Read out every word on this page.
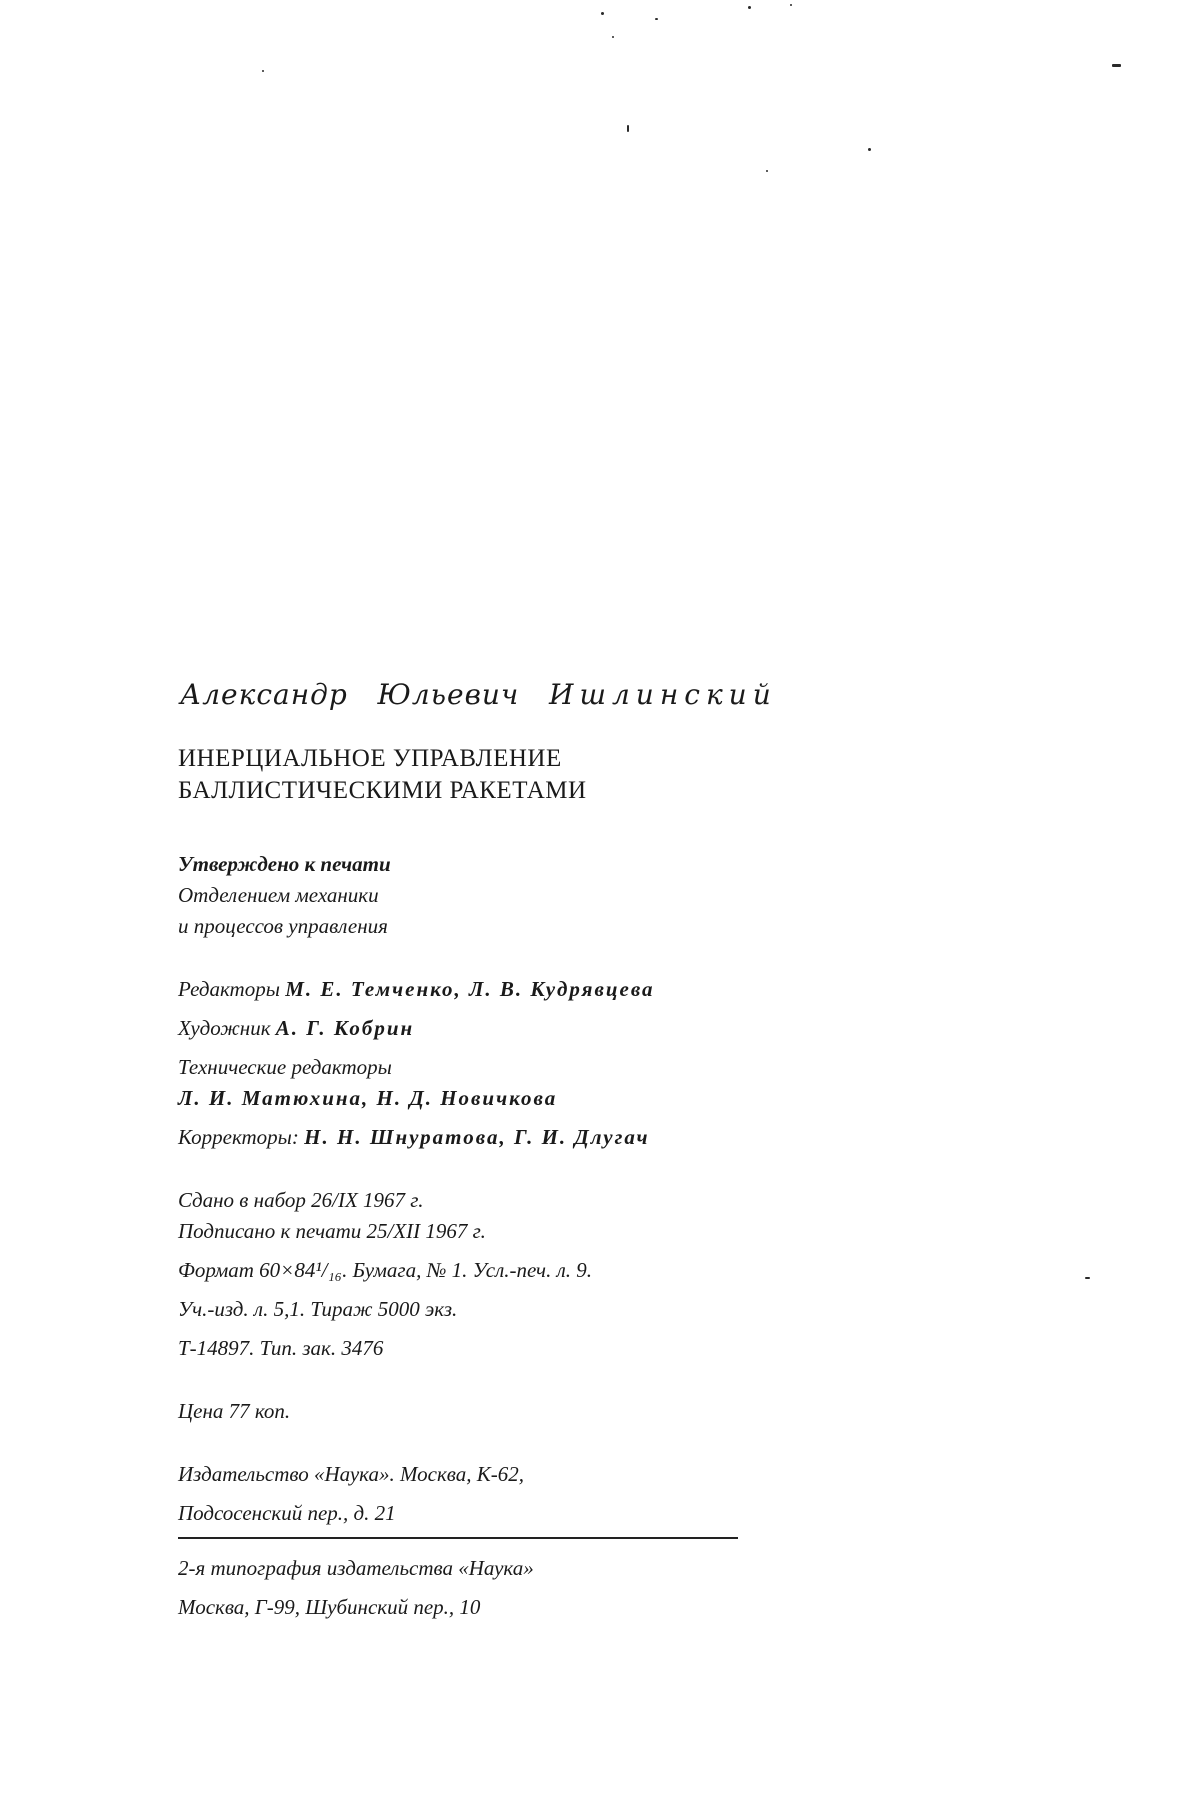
Александр Юльевич Ишлинский
ИНЕРЦИАЛЬНОЕ УПРАВЛЕНИЕ
БАЛЛИСТИЧЕСКИМИ РАКЕТАМИ
Утверждено к печати
Отделением механики
и процессов управления
Редакторы М. Е. Темченко, Л. В. Кудрявцева
Художник А. Г. Кобрин
Технические редакторы
Л. И. Матюхина, Н. Д. Новичкова
Корректоры: Н. Н. Шнуратова, Г. И. Длугач
Сдано в набор 26/IX 1967 г.
Подписано к печати 25/XII 1967 г.
Формат 60×84¹/₁₆. Бумага, № 1. Усл.-печ. л. 9.
Уч.-изд. л. 5,1. Тираж 5000 экз.
Т-14897. Тип. зак. 3476
Цена 77 коп.
Издательство «Наука». Москва, К-62,
Подсосенский пер., д. 21
2-я типография издательства «Наука»
Москва, Г-99, Шубинский пер., 10
